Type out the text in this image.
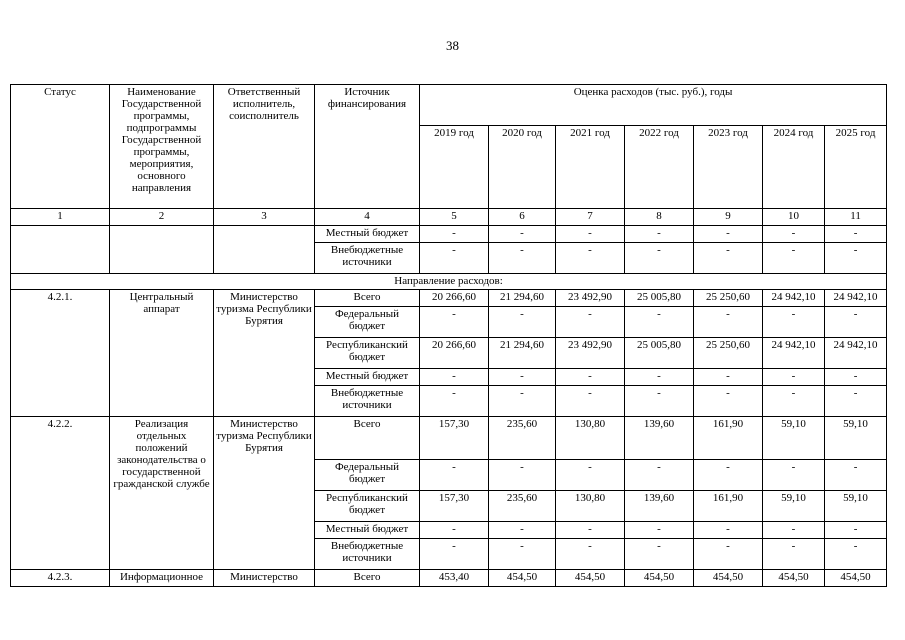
38
Статус	Наименование Государственной программы, подпрограммы Государственной программы, мероприятия, основного направления	Ответственный исполнитель, соисполнитель	Источник финансирования	Оценка расходов (тыс. руб.), годы						
				2019 год	2020 год	2021 год	2022 год	2023 год	2024 год	2025 год
1	2	3	4	5	6	7	8	9	10	11
			Местный бюджет	-	-	-	-	-	-	-
			Внебюджетные источники	-	-	-	-	-	-	-
Направление расходов:										
4.2.1.	Центральный аппарат	Министерство туризма Республики Бурятия	Всего	20 266,60	21 294,60	23 492,90	25 005,80	25 250,60	24 942,10	24 942,10
			Федеральный бюджет	-	-	-	-	-	-	-
			Республиканский бюджет	20 266,60	21 294,60	23 492,90	25 005,80	25 250,60	24 942,10	24 942,10
			Местный бюджет	-	-	-	-	-	-	-
			Внебюджетные источники	-	-	-	-	-	-	-
4.2.2.	Реализация отдельных положений законодательства о государственной гражданской службе	Министерство туризма Республики Бурятия	Всего	157,30	235,60	130,80	139,60	161,90	59,10	59,10
			Федеральный бюджет	-	-	-	-	-	-	-
			Республиканский бюджет	157,30	235,60	130,80	139,60	161,90	59,10	59,10
			Местный бюджет	-	-	-	-	-	-	-
			Внебюджетные источники	-	-	-	-	-	-	-
4.2.3.	Информационное	Министерство	Всего	453,40	454,50	454,50	454,50	454,50	454,50	454,50
